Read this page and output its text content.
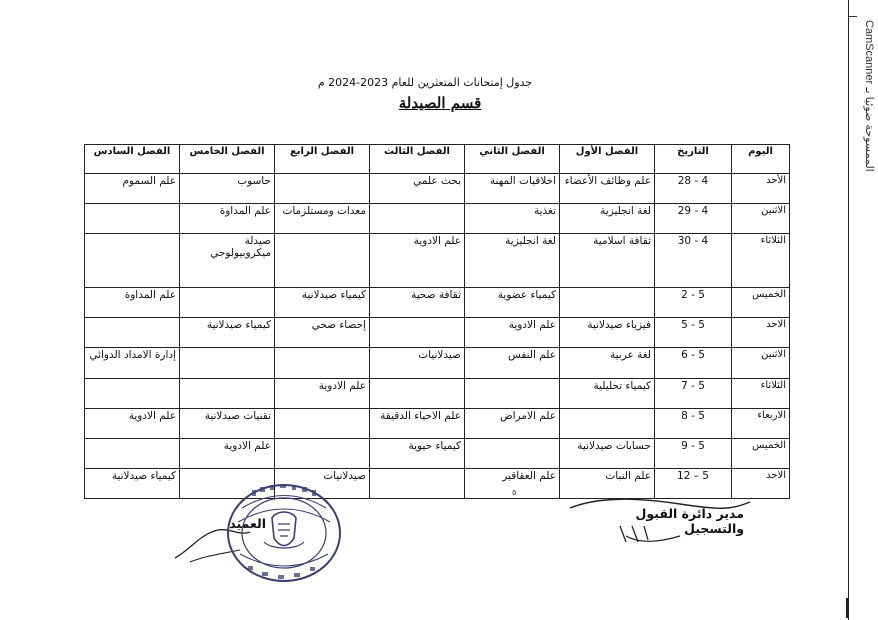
CamScanner الممسوحة ضوئيا بـ
جدول إمتحانات المتعثرين للعام 2023-2024 م
قسم الصيدلة
اليوم	التاريخ	الفصل الأول	الفصل الثاني	الفصل الثالث	الفصل الرابع	الفصل الخامس	الفصل السادس
الأحد	28 - 4	علم وظائف الأعضاء	اخلاقيات المهنة	بحث علمي		حاسوب	علم السموم
الاثنين	29 - 4	لغة انجليزية	تغذية		معدات ومستلزمات	علم المداوة	
الثلاثاء	30 - 4	ثقافة اسلامية	لغة انجليزية	علم الادوية		صيدلة ميكروبيولوجي	
الخميس	2 - 5		كيمياء عضوية	ثقافة صحية	كيمياء صيدلانية		علم المداوة
الاحد	5 - 5	فيزياء صيدلانية	علم الادوية		إحصاء صحي	كيمياء صيدلانية	
الاثنين	6 - 5	لغة عربية	علم النفس	صيدلانيات			إدارة الامداد الدوائي
الثلاثاء	7 - 5	كيمياء تحليلية			علم الادوية		
الاربعاء	8 - 5		علم الامراض	علم الاحياء الدقيقة		تقنيات صيدلانية	علم الادوية
الخميس	9 - 5	حسابات صيدلانية		كيمياء حيوية		علم الادوية	
الاحد	12 – 5	علم النبات	علم العقاقير		صيدلانيات		كيمياء صيدلانية
٥
مدير دائرة القبول والتسجيل
العميد
